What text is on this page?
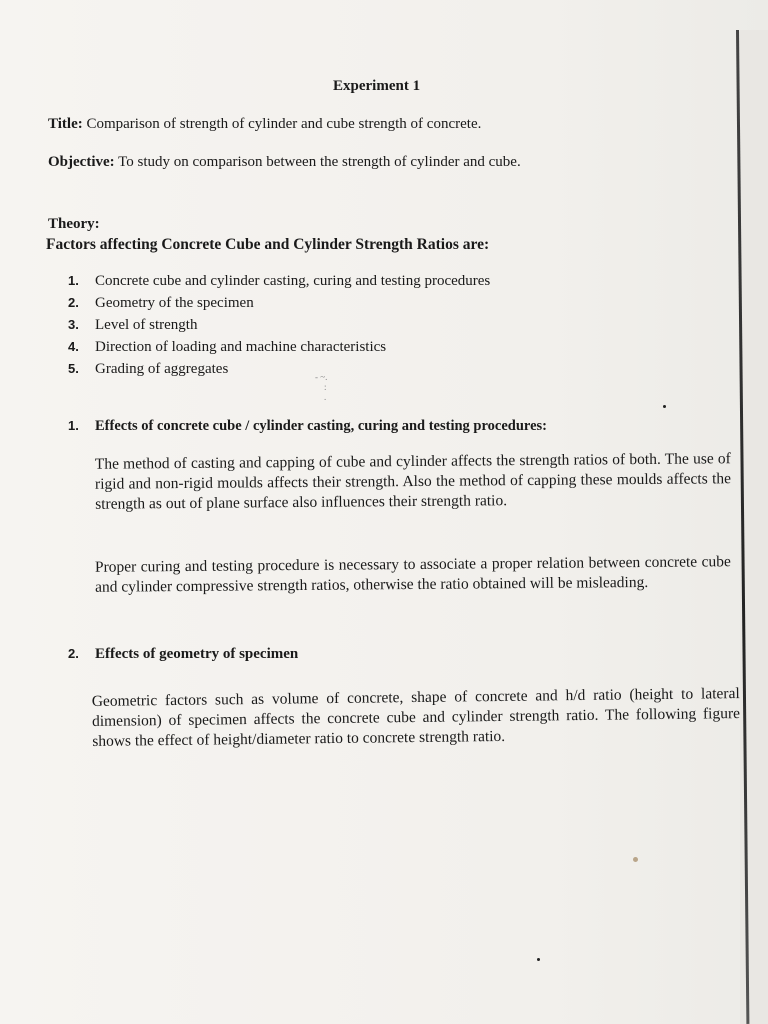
Experiment 1
Title: Comparison of strength of cylinder and cube strength of concrete.
Objective: To study on comparison between the strength of cylinder and cube.
Theory:
Factors affecting Concrete Cube and Cylinder Strength Ratios are:
1. Concrete cube and cylinder casting, curing and testing procedures
2. Geometry of the specimen
3. Level of strength
4. Direction of loading and machine characteristics
5. Grading of aggregates	- ~.
:
.
1. Effects of concrete cube / cylinder casting, curing and testing procedures:
The method of casting and capping of cube and cylinder affects the strength ratios of both. The use of rigid and non-rigid moulds affects their strength. Also the method of capping these moulds affects the strength as out of plane surface also influences their strength ratio.
Proper curing and testing procedure is necessary to associate a proper relation between concrete cube and cylinder compressive strength ratios, otherwise the ratio obtained will be misleading.
2. Effects of geometry of specimen
Geometric factors such as volume of concrete, shape of concrete and h/d ratio (height to lateral dimension) of specimen affects the concrete cube and cylinder strength ratio. The following figure shows the effect of height/diameter ratio to concrete strength ratio.
